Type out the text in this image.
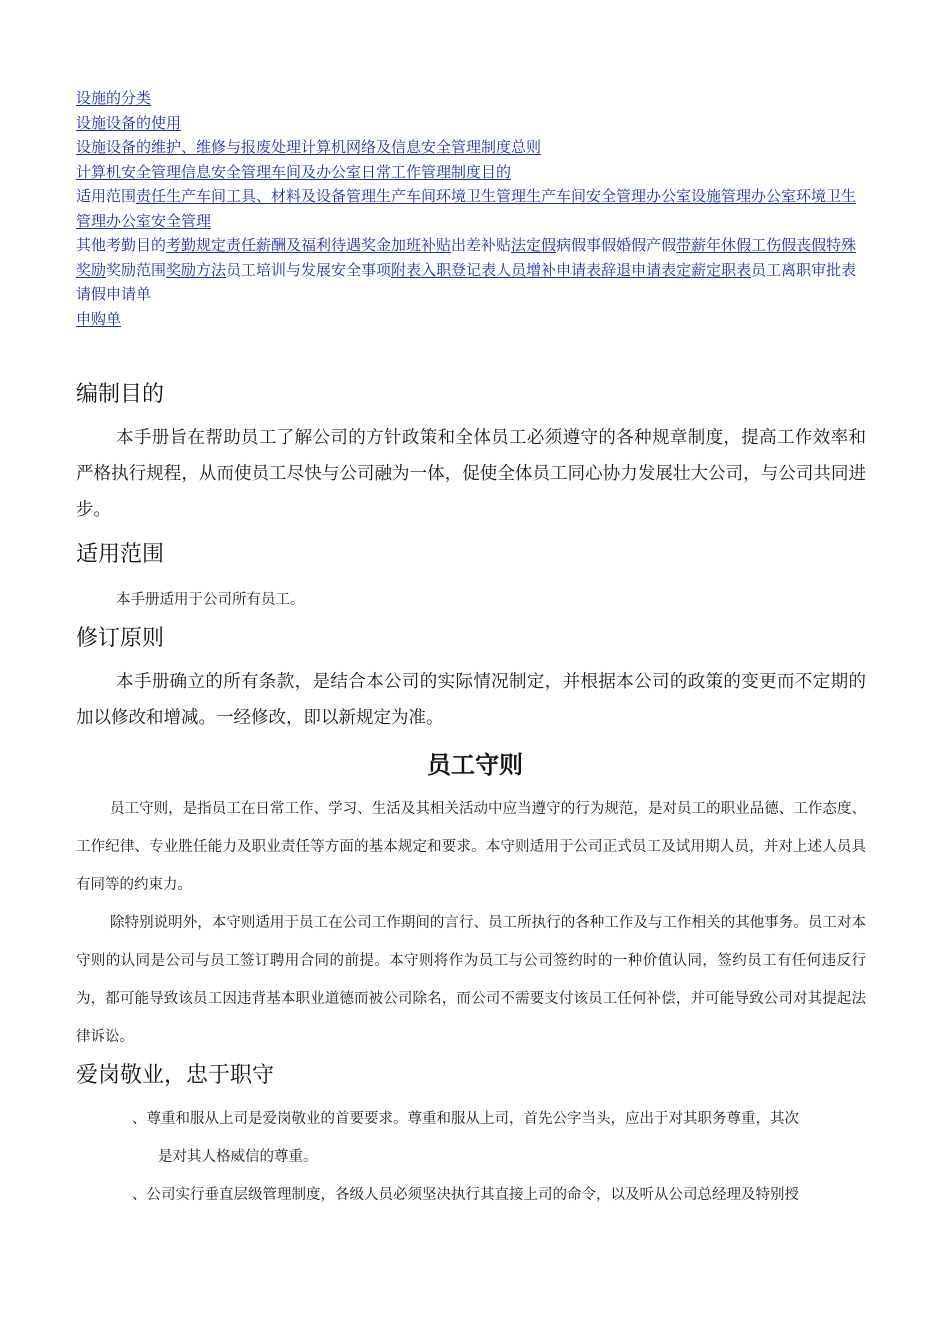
设施的分类
设施设备的使用
设施设备的维护、维修与报废处理计算机网络及信息安全管理制度总则
计算机安全管理信息安全管理车间及办公室日常工作管理制度目的
适用范围责任生产车间工具、材料及设备管理生产车间环境卫生管理生产车间安全管理办公室设施管理办公室环境卫生管理办公室安全管理
其他考勤目的考勤规定责任薪酬及福利待遇奖金加班补贴出差补贴法定假病假事假婚假产假带薪年休假工伤假丧假特殊奖励奖励范围奖励方法员工培训与发展安全事项附表入职登记表人员增补申请表辞退申请表定薪定职表员工离职审批表请假申请单
申购单
编制目的

本手册旨在帮助员工了解公司的方针政策和全体员工必须遵守的各种规章制度，提高工作效率和严格执行规程，从而使员工尽快与公司融为一体，促使全体员工同心协力发展壮大公司，与公司共同进步。

适用范围

本手册适用于公司所有员工。

修订原则

本手册确立的所有条款，是结合本公司的实际情况制定，并根据本公司的政策的变更而不定期的加以修改和增减。一经修改，即以新规定为准。

员工守则

员工守则，是指员工在日常工作、学习、生活及其相关活动中应当遵守的行为规范，是对员工的职业品德、工作态度、工作纪律、专业胜任能力及职业责任等方面的基本规定和要求。本守则适用于公司正式员工及试用期人员，并对上述人员具有同等的约束力。

除特别说明外，本守则适用于员工在公司工作期间的言行、员工所执行的各种工作及与工作相关的其他事务。员工对本守则的认同是公司与员工签订聘用合同的前提。本守则将作为员工与公司签约时的一种价值认同，签约员工有任何违反行为，都可能导致该员工因违背基本职业道德而被公司除名，而公司不需要支付该员工任何补偿，并可能导致公司对其提起法律诉讼。

爱岗敬业，忠于职守

、尊重和服从上司是爱岗敬业的首要要求。尊重和服从上司，首先公字当头，应出于对其职务尊重，其次
是对其人格威信的尊重。

、公司实行垂直层级管理制度，各级人员必须坚决执行其直接上司的命令，以及听从公司总经理及特别授
